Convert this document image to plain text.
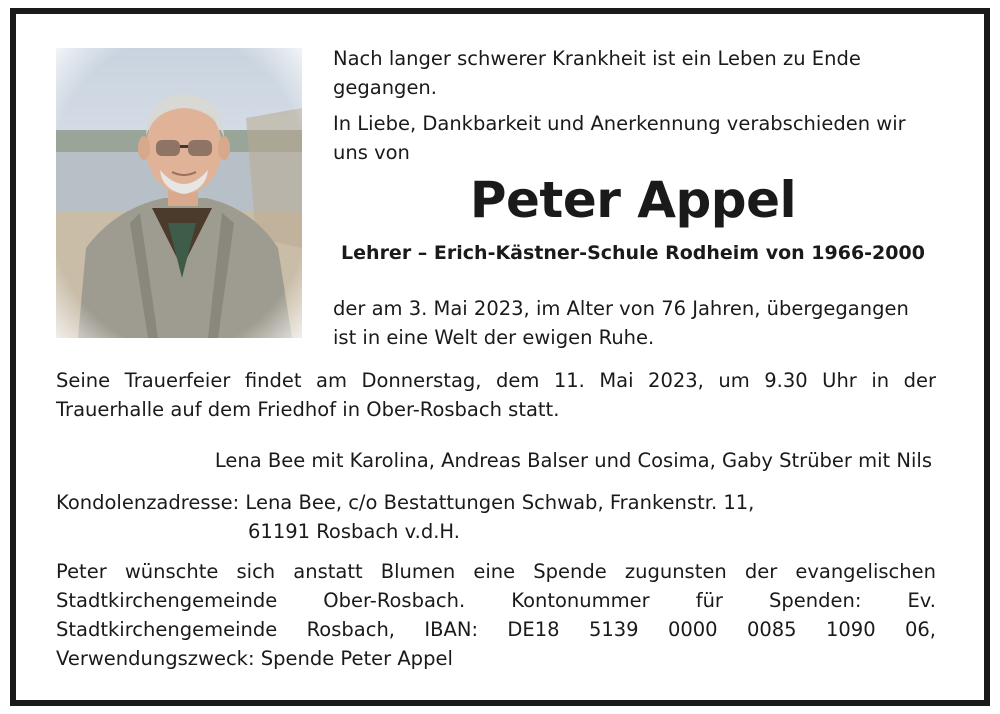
Nach langer schwerer Krankheit ist ein Leben zu Ende gegangen.

In Liebe, Dankbarkeit und Anerkennung verabschieden wir uns von

Peter Appel
Lehrer – Erich-Kästner-Schule Rodheim von 1966-2000

der am 3. Mai 2023, im Alter von 76 Jahren, übergegangen ist in eine Welt der ewigen Ruhe.

Seine Trauerfeier findet am Donnerstag, dem 11. Mai 2023, um 9.30 Uhr in der Trauerhalle auf dem Friedhof in Ober-Rosbach statt.

Lena Bee mit Karolina, Andreas Balser und Cosima, Gaby Strüber mit Nils

Kondolenzadresse: Lena Bee, c/o Bestattungen Schwab, Frankenstr. 11,
61191 Rosbach v.d.H.

Peter wünschte sich anstatt Blumen eine Spende zugunsten der evangelischen Stadtkirchengemeinde Ober-Rosbach. Kontonummer für Spenden: Ev. Stadtkirchengemeinde Rosbach, IBAN: DE18 5139 0000 0085 1090 06, Verwendungszweck: Spende Peter Appel
